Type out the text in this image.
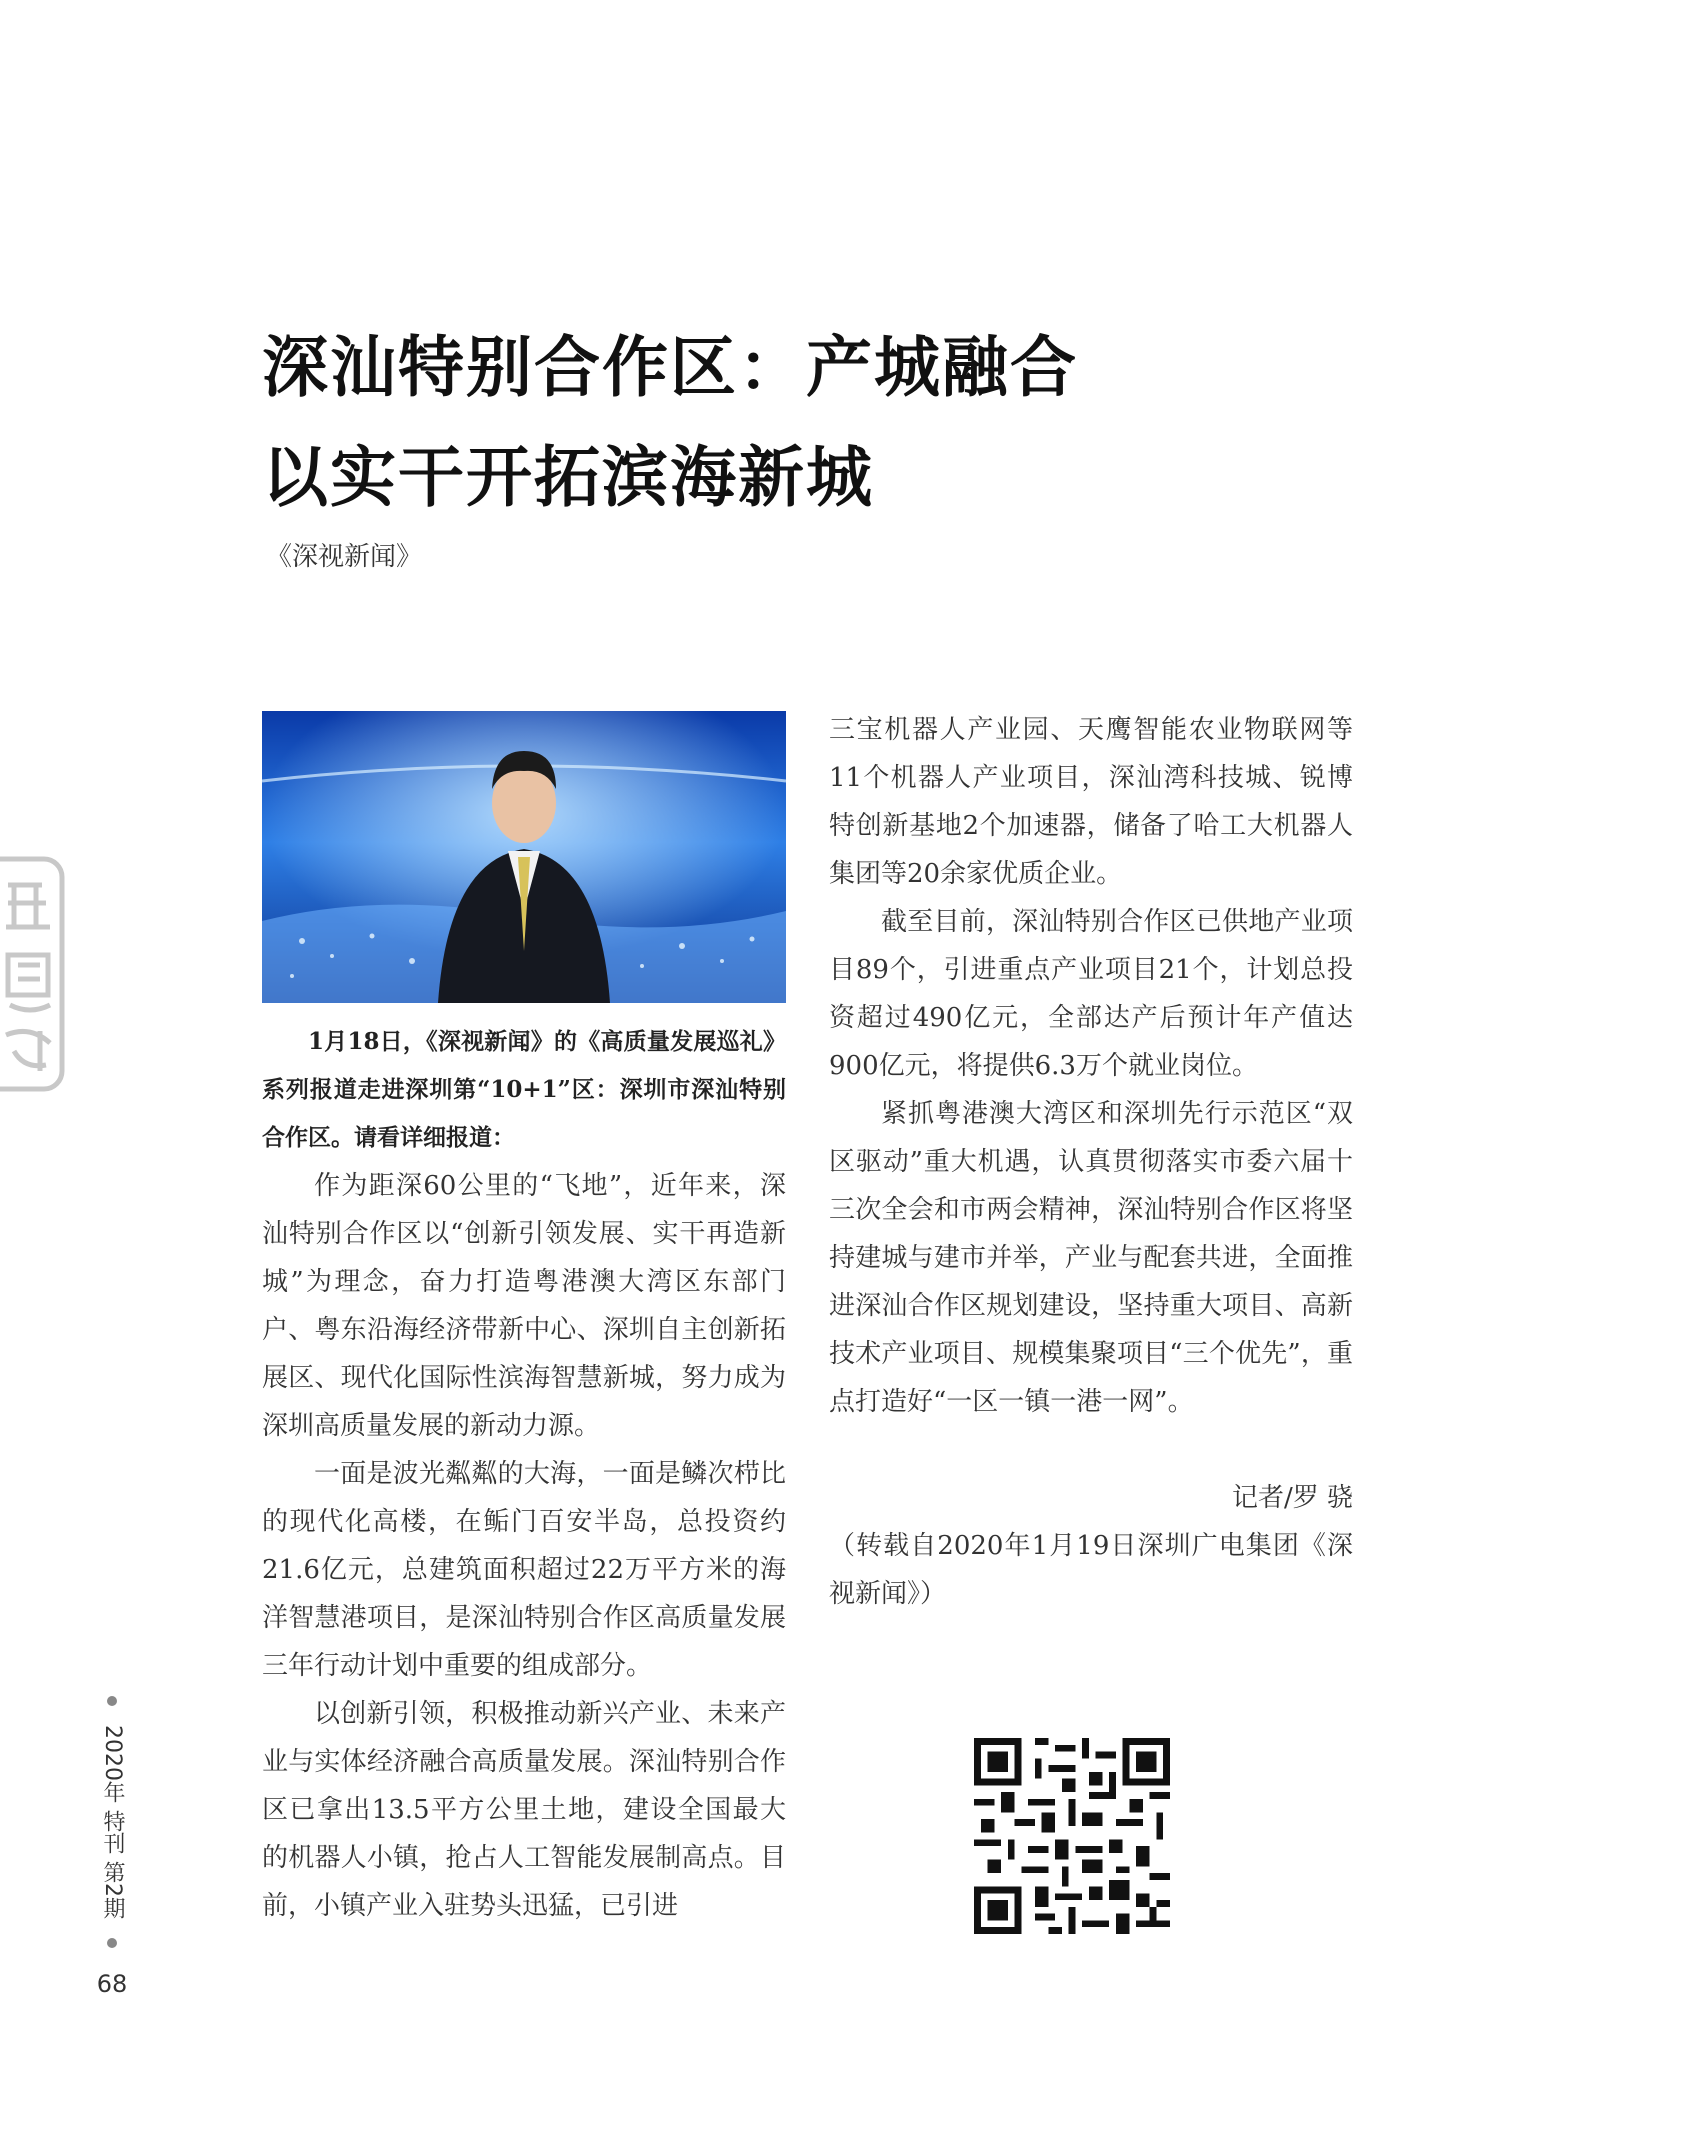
深汕特别合作区：产城融合
以实干开拓滨海新城
《深视新闻》

1月18日，《深视新闻》的《高质量发展巡礼》系列报道走进深圳第“10+1”区：深圳市深汕特别合作区。请看详细报道：

作为距深60公里的“飞地”，近年来，深汕特别合作区以“创新引领发展、实干再造新城”为理念，奋力打造粤港澳大湾区东部门户、粤东沿海经济带新中心、深圳自主创新拓展区、现代化国际性滨海智慧新城，努力成为深圳高质量发展的新动力源。

一面是波光粼粼的大海，一面是鳞次栉比的现代化高楼，在鲘门百安半岛，总投资约21.6亿元，总建筑面积超过22万平方米的海洋智慧港项目，是深汕特别合作区高质量发展三年行动计划中重要的组成部分。

以创新引领，积极推动新兴产业、未来产业与实体经济融合高质量发展。深汕特别合作区已拿出13.5平方公里土地，建设全国最大的机器人小镇，抢占人工智能发展制高点。目前，小镇产业入驻势头迅猛，已引进

三宝机器人产业园、天鹰智能农业物联网等11个机器人产业项目，深汕湾科技城、锐博特创新基地2个加速器，储备了哈工大机器人集团等20余家优质企业。

截至目前，深汕特别合作区已供地产业项目89个，引进重点产业项目21个，计划总投资超过490亿元，全部达产后预计年产值达900亿元，将提供6.3万个就业岗位。

紧抓粤港澳大湾区和深圳先行示范区“双区驱动”重大机遇，认真贯彻落实市委六届十三次全会和市两会精神，深汕特别合作区将坚持建城与建市并举，产业与配套共进，全面推进深汕合作区规划建设，坚持重大项目、高新技术产业项目、规模集聚项目“三个优先”，重点打造好“一区一镇一港一网”。

记者/罗 骁

（转载自2020年1月19日深圳广电集团《深视新闻》）

2020年 特刊 第2期
68
